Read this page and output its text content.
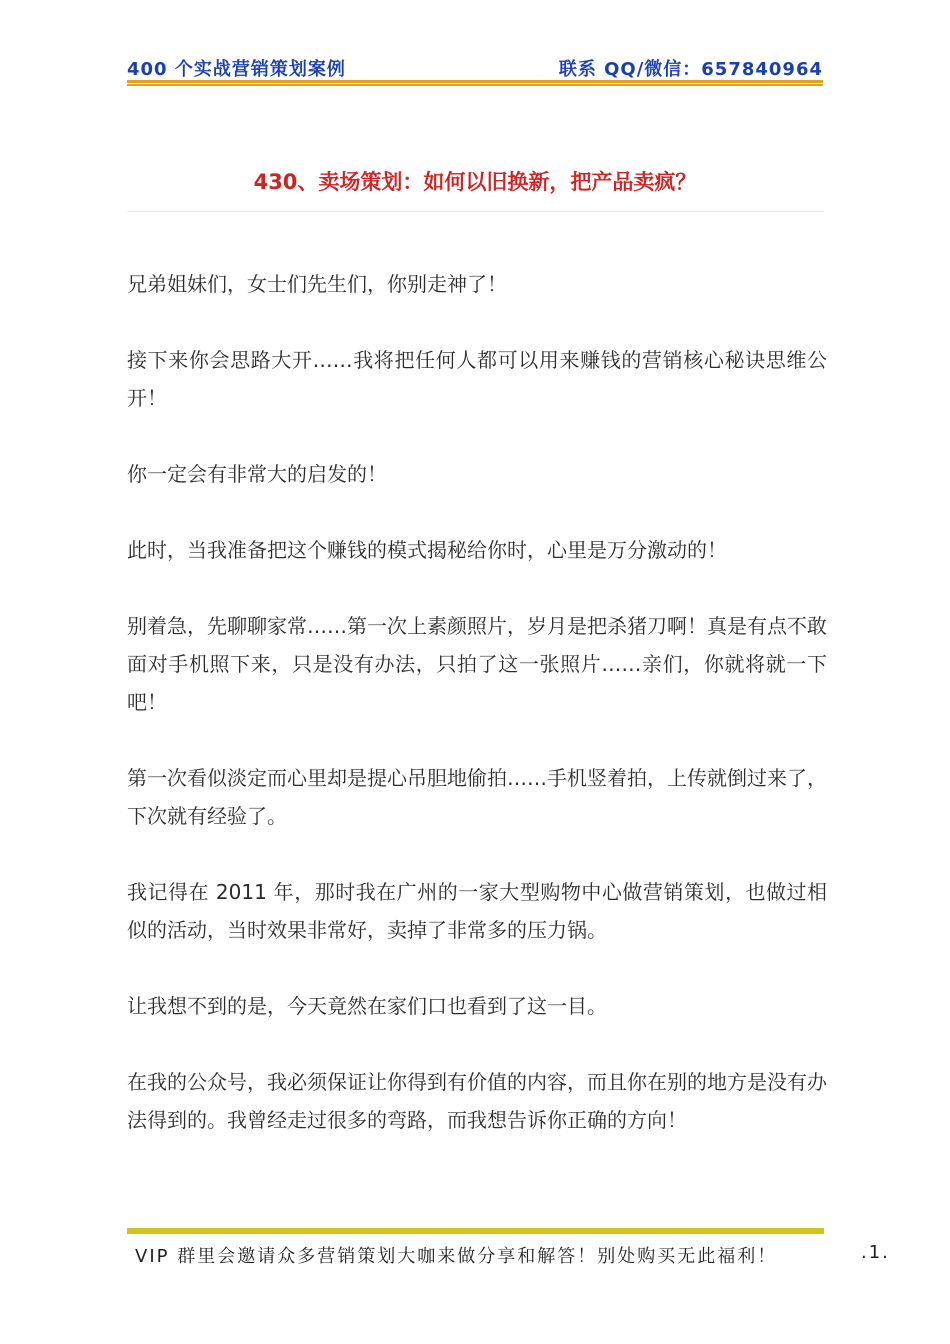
400 个实战营销策划案例	联系 QQ/微信：657840964
430、卖场策划：如何以旧换新，把产品卖疯？

兄弟姐妹们，女士们先生们，你别走神了！

接下来你会思路大开……我将把任何人都可以用来赚钱的营销核心秘诀思维公开！

你一定会有非常大的启发的！

此时，当我准备把这个赚钱的模式揭秘给你时，心里是万分激动的！

别着急，先聊聊家常……第一次上素颜照片，岁月是把杀猪刀啊！真是有点不敢面对手机照下来，只是没有办法，只拍了这一张照片……亲们，你就将就一下吧！

第一次看似淡定而心里却是提心吊胆地偷拍……手机竖着拍，上传就倒过来了，下次就有经验了。

我记得在 2011 年，那时我在广州的一家大型购物中心做营销策划，也做过相似的活动，当时效果非常好，卖掉了非常多的压力锅。

让我想不到的是，今天竟然在家们口也看到了这一目。

在我的公众号，我必须保证让你得到有价值的内容，而且你在别的地方是没有办法得到的。我曾经走过很多的弯路，而我想告诉你正确的方向！

VIP 群里会邀请众多营销策划大咖来做分享和解答！别处购买无此福利！	.1.
